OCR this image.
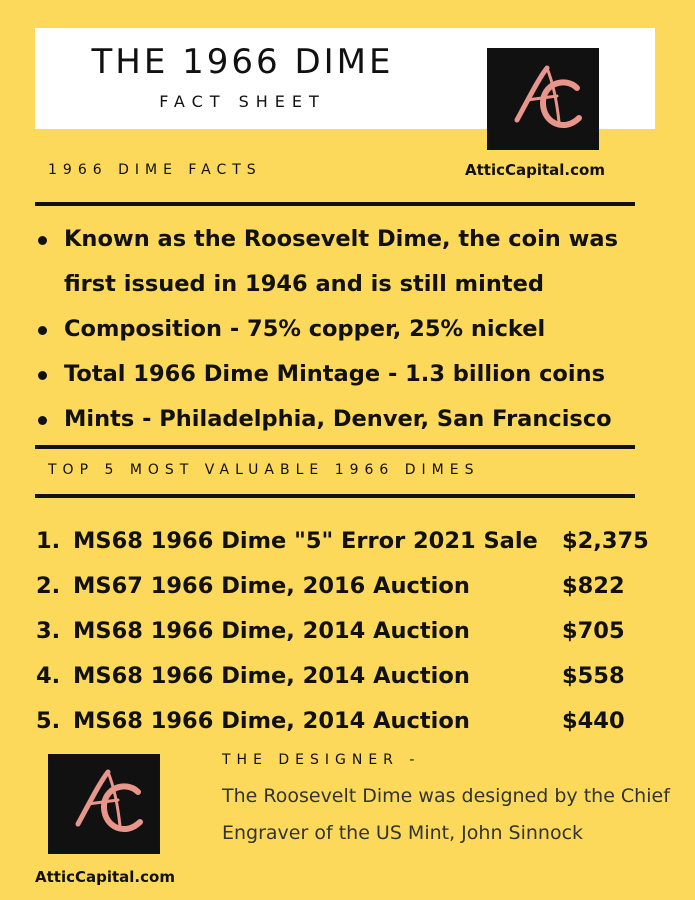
THE 1966 DIME
FACT SHEET
AtticCapital.com
1966 DIME FACTS
Known as the Roosevelt Dime, the coin was first issued in 1946 and is still minted
Composition - 75% copper, 25% nickel
Total 1966 Dime Mintage - 1.3 billion coins
Mints - Philadelphia, Denver, San Francisco
TOP 5 MOST VALUABLE 1966 DIMES
1. MS68 1966 Dime "5" Error 2021 Sale $2,375
2. MS67 1966 Dime, 2016 Auction	$822
3. MS68 1966 Dime, 2014 Auction	$705
4. MS68 1966 Dime, 2014 Auction	$558
5. MS68 1966 Dime, 2014 Auction	$440
AtticCapital.com
THE DESIGNER -
The Roosevelt Dime was designed by the Chief Engraver of the US Mint, John Sinnock
